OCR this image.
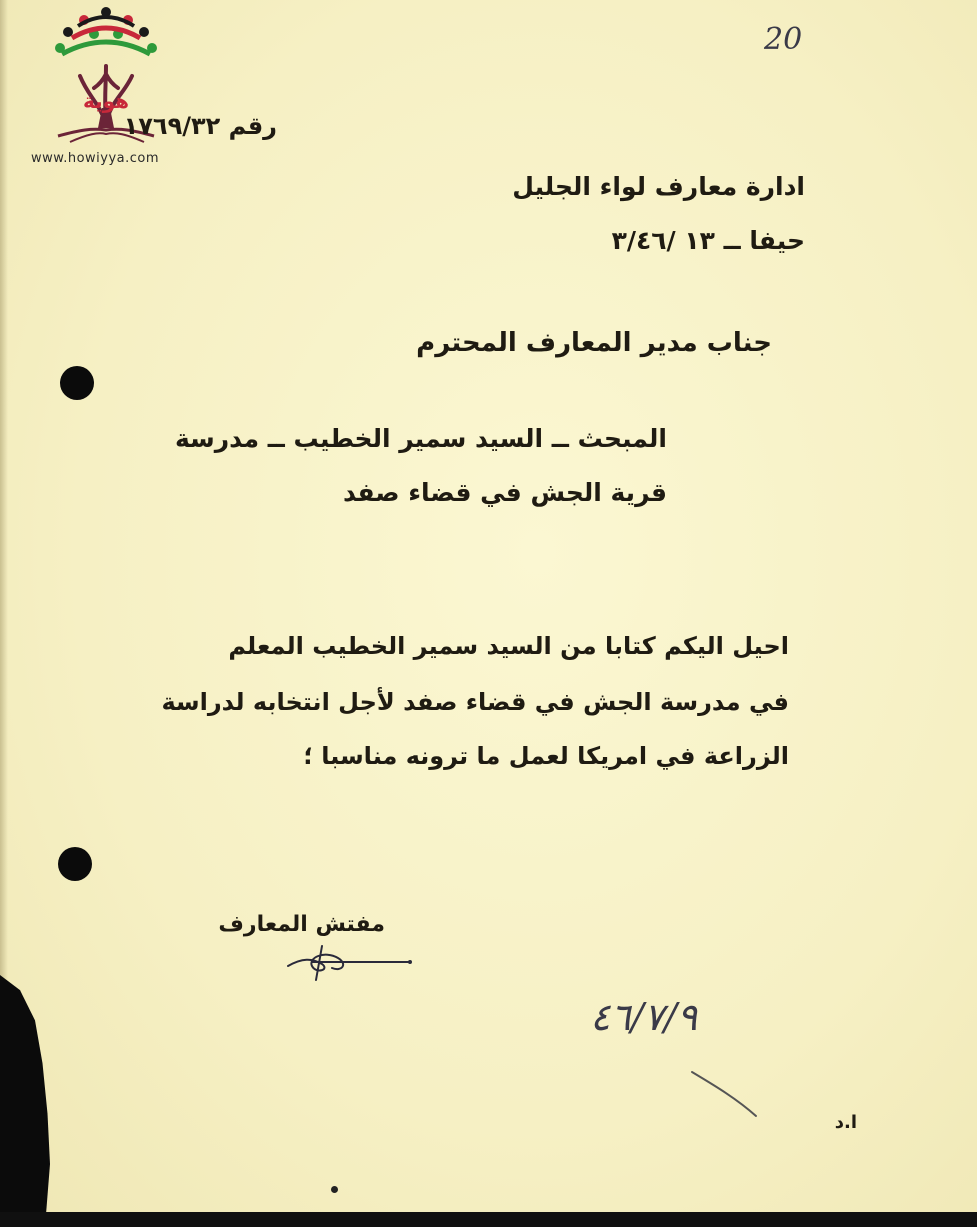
هوية
www.howiyya.com
20
رقم ١٧٦٩/٣٢
ادارة معارف لواء الجليل
حيفا ــ ١٣ /٣/٤٦
جناب مدير المعارف المحترم
المبحث ــ السيد سمير الخطيب ــ مدرسة
قرية الجش في قضاء صفد
احيل اليكم كتابا من السيد سمير الخطيب المعلم
في مدرسة الجش في قضاء صفد لأجل انتخابه لدراسة
الزراعة في امريكا لعمل ما ترونه مناسبا ؛
مفتش المعارف
٤٦/٧/٩
ا.د
